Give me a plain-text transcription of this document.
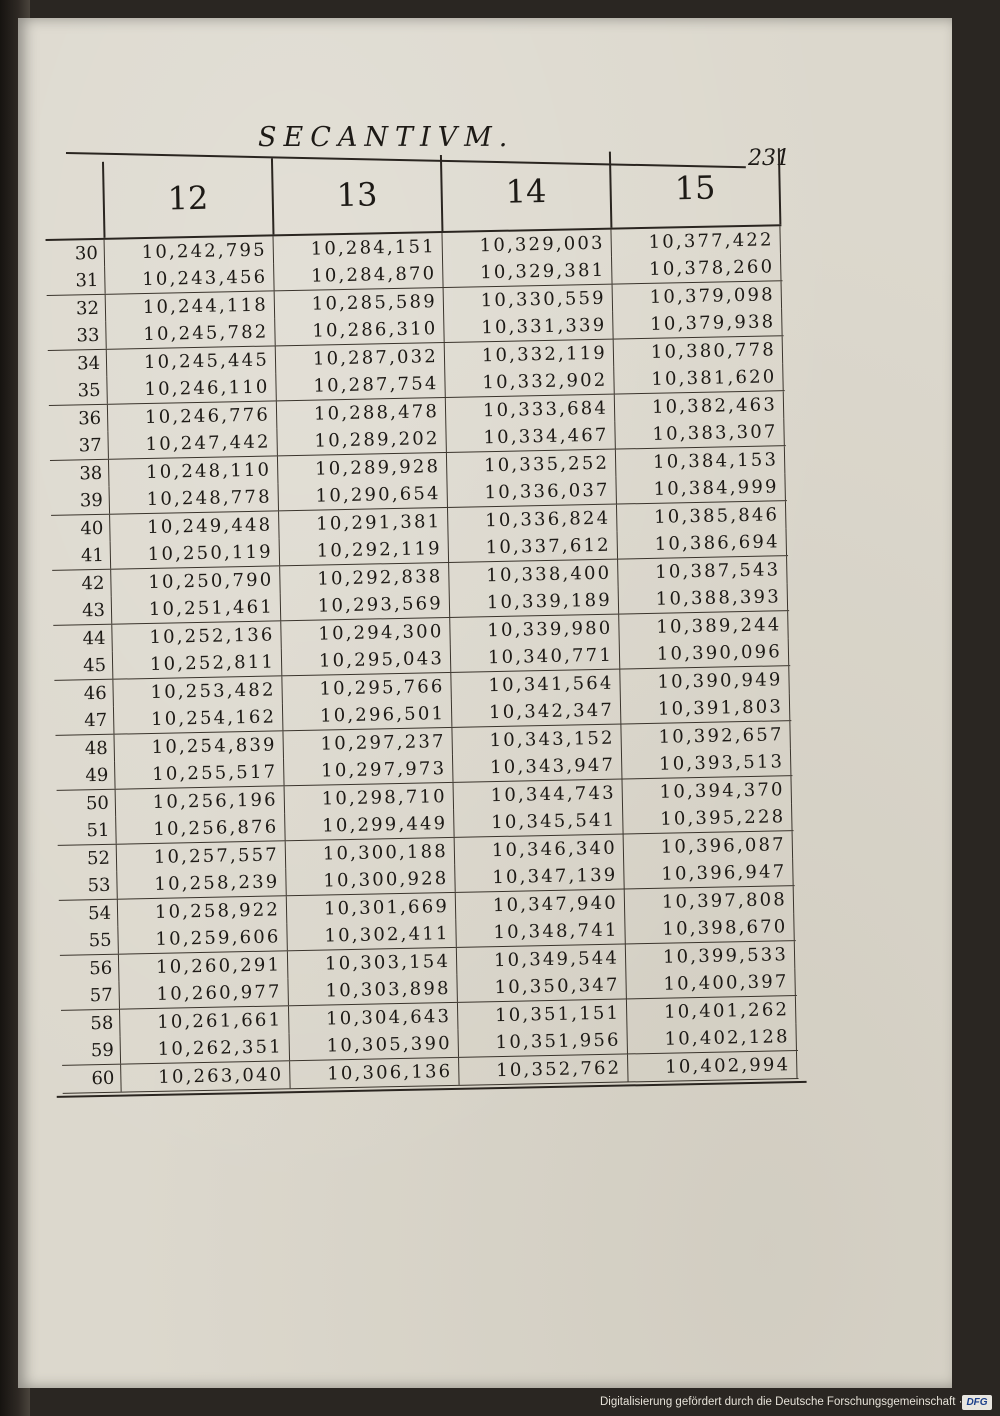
SECANTIVM.
231
12	13	14	15
30	10,242,795	10,284,151	10,329,003	10,377,422
31	10,243,456	10,284,870	10,329,381	10,378,260
32	10,244,118	10,285,589	10,330,559	10,379,098
33	10,245,782	10,286,310	10,331,339	10,379,938
34	10,245,445	10,287,032	10,332,119	10,380,778
35	10,246,110	10,287,754	10,332,902	10,381,620
36	10,246,776	10,288,478	10,333,684	10,382,463
37	10,247,442	10,289,202	10,334,467	10,383,307
38	10,248,110	10,289,928	10,335,252	10,384,153
39	10,248,778	10,290,654	10,336,037	10,384,999
40	10,249,448	10,291,381	10,336,824	10,385,846
41	10,250,119	10,292,119	10,337,612	10,386,694
42	10,250,790	10,292,838	10,338,400	10,387,543
43	10,251,461	10,293,569	10,339,189	10,388,393
44	10,252,136	10,294,300	10,339,980	10,389,244
45	10,252,811	10,295,043	10,340,771	10,390,096
46	10,253,482	10,295,766	10,341,564	10,390,949
47	10,254,162	10,296,501	10,342,347	10,391,803
48	10,254,839	10,297,237	10,343,152	10,392,657
49	10,255,517	10,297,973	10,343,947	10,393,513
50	10,256,196	10,298,710	10,344,743	10,394,370
51	10,256,876	10,299,449	10,345,541	10,395,228
52	10,257,557	10,300,188	10,346,340	10,396,087
53	10,258,239	10,300,928	10,347,139	10,396,947
54	10,258,922	10,301,669	10,347,940	10,397,808
55	10,259,606	10,302,411	10,348,741	10,398,670
56	10,260,291	10,303,154	10,349,544	10,399,533
57	10,260,977	10,303,898	10,350,347	10,400,397
58	10,261,661	10,304,643	10,351,151	10,401,262
59	10,262,351	10,305,390	10,351,956	10,402,128
60	10,263,040	10,306,136	10,352,762	10,402,994
Digitalisierung gefördert durch die Deutsche Forschungsgemeinschaft · DFG
